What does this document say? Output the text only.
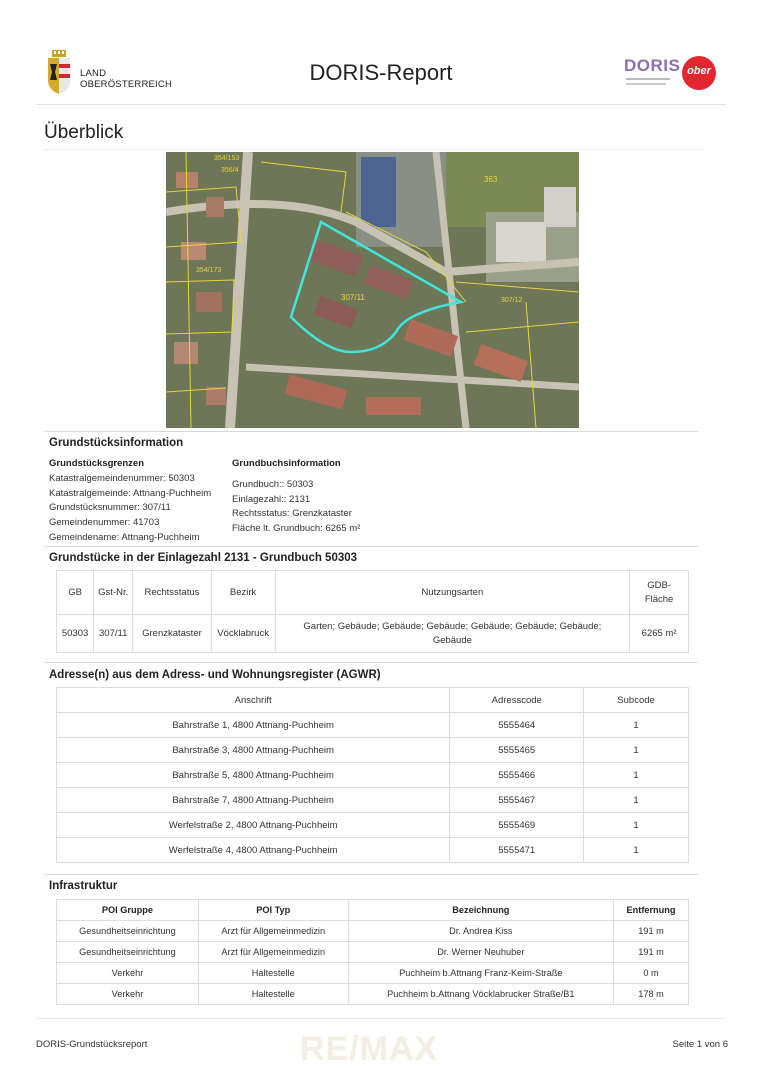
LAND
OBERÖSTERREICH	DORIS-Report	DORIS ober
Überblick
363
307/11
354/153
307/12
356/4
354/173
Grundstücksinformation
Grundstücksgrenzen
Katastralgemeindenummer: 50303
Katastralgemeinde: Attnang-Puchheim
Grundstücksnummer: 307/11
Gemeindenummer: 41703
Gemeindename: Attnang-Puchheim
Grundbuchsinformation
Grundbuch:: 50303
Einlagezahl:: 2131
Rechtsstatus: Grenzkataster
Fläche lt. Grundbuch: 6265 m²
Grundstücke in der Einlagezahl 2131 - Grundbuch 50303
GB	Gst-Nr.	Rechtsstatus	Bezirk	Nutzungsarten	GDB-
Fläche
50303	307/11	Grenzkataster	Vöcklabruck	Garten; Gebäude; Gebäude; Gebäude; Gebäude; Gebäude; Gebäude; Gebäude	6265 m²
Adresse(n) aus dem Adress- und Wohnungsregister (AGWR)
Anschrift	Adresscode	Subcode
Bahrstraße 1, 4800 Attnang-Puchheim	5555464	1
Bahrstraße 3, 4800 Attnang-Puchheim	5555465	1
Bahrstraße 5, 4800 Attnang-Puchheim	5555466	1
Bahrstraße 7, 4800 Attnang-Puchheim	5555467	1
Werfelstraße 2, 4800 Attnang-Puchheim	5555469	1
Werfelstraße 4, 4800 Attnang-Puchheim	5555471	1
Infrastruktur
POI Gruppe	POI Typ	Bezeichnung	Entfernung
Gesundheitseinrichtung	Arzt für Allgemeinmedizin	Dr. Andrea Kiss	191 m
Gesundheitseinrichtung	Arzt für Allgemeinmedizin	Dr. Werner Neuhuber	191 m
Verkehr	Haltestelle	Puchheim b.Attnang Franz-Keim-Straße	0 m
Verkehr	Haltestelle	Puchheim b.Attnang Vöcklabrucker Straße/B1	178 m
RE/MAX
DORIS-Grundstücksreport	Seite 1 von 6
